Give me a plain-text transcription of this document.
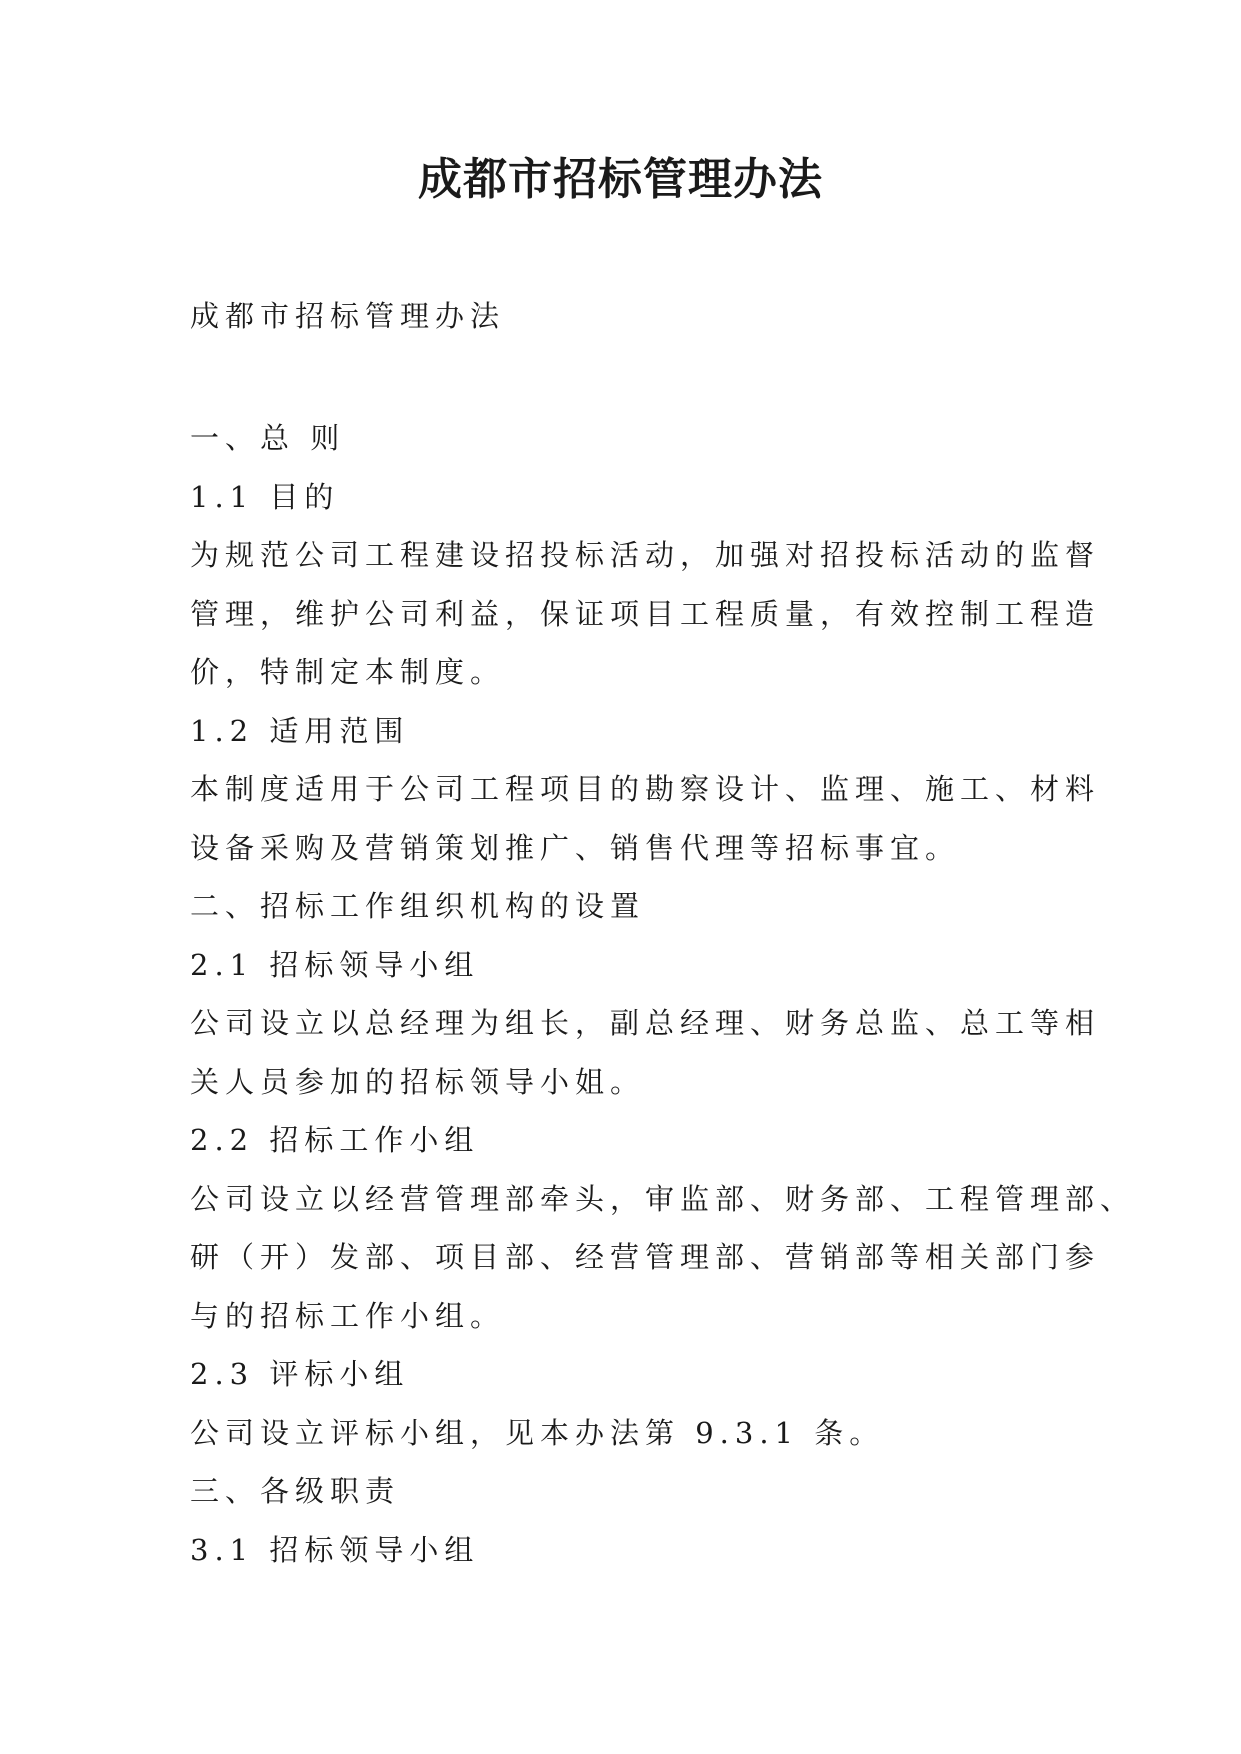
成都市招标管理办法
成都市招标管理办法
一、总 则
1.1 目的
为规范公司工程建设招投标活动，加强对招投标活动的监督
管理，维护公司利益，保证项目工程质量，有效控制工程造
价，特制定本制度。
1.2 适用范围
本制度适用于公司工程项目的勘察设计、监理、施工、材料
设备采购及营销策划推广、销售代理等招标事宜。
二、招标工作组织机构的设置
2.1 招标领导小组
公司设立以总经理为组长，副总经理、财务总监、总工等相
关人员参加的招标领导小姐。
2.2 招标工作小组
公司设立以经营管理部牵头，审监部、财务部、工程管理部、
研（开）发部、项目部、经营管理部、营销部等相关部门参
与的招标工作小组。
2.3 评标小组
公司设立评标小组，见本办法第 9.3.1 条。
三、各级职责
3.1 招标领导小组
